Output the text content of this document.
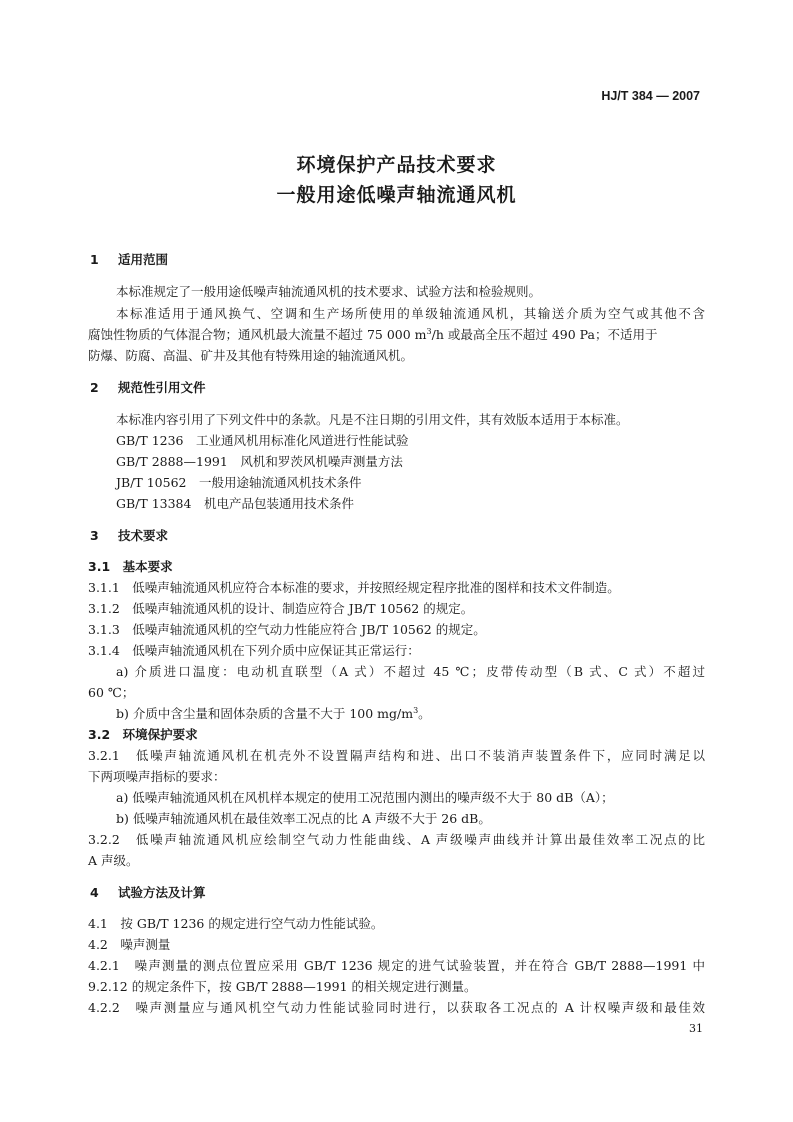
HJ/T 384 — 2007
环境保护产品技术要求
一般用途低噪声轴流通风机
1 适用范围
本标准规定了一般用途低噪声轴流通风机的技术要求、试验方法和检验规则。
本标准适用于通风换气、空调和生产场所使用的单级轴流通风机，其输送介质为空气或其他不含
腐蚀性物质的气体混合物；通风机最大流量不超过 75 000 $m^3/h$ 或最高全压不超过 490 Pa；不适用于
防爆、防腐、高温、矿井及其他有特殊用途的轴流通风机。
2 规范性引用文件
本标准内容引用了下列文件中的条款。凡是不注日期的引用文件，其有效版本适用于本标准。
GB/T 1236　工业通风机用标准化风道进行性能试验
GB/T 2888—1991　风机和罗茨风机噪声测量方法
JB/T 10562　一般用途轴流通风机技术条件
GB/T 13384　机电产品包装通用技术条件
3 技术要求
3.1　基本要求
3.1.1　低噪声轴流通风机应符合本标准的要求，并按照经规定程序批准的图样和技术文件制造。
3.1.2　低噪声轴流通风机的设计、制造应符合 JB/T 10562 的规定。
3.1.3　低噪声轴流通风机的空气动力性能应符合 JB/T 10562 的规定。
3.1.4　低噪声轴流通风机在下列介质中应保证其正常运行：
a) 介质进口温度：电动机直联型（A 式）不超过 45 ℃；皮带传动型（B 式、C 式）不超过
60 ℃；
b) 介质中含尘量和固体杂质的含量不大于 100 $mg/m^3$。
3.2　环境保护要求
3.2.1　低噪声轴流通风机在机壳外不设置隔声结构和进、出口不装消声装置条件下，应同时满足以
下两项噪声指标的要求：
a) 低噪声轴流通风机在风机样本规定的使用工况范围内测出的噪声级不大于 80 dB（A）；
b) 低噪声轴流通风机在最佳效率工况点的比 A 声级不大于 26 dB。
3.2.2　低噪声轴流通风机应绘制空气动力性能曲线、A 声级噪声曲线并计算出最佳效率工况点的比
A 声级。
4 试验方法及计算
4.1　按 GB/T 1236 的规定进行空气动力性能试验。
4.2　噪声测量
4.2.1　噪声测量的测点位置应采用 GB/T 1236 规定的进气试验装置，并在符合 GB/T 2888—1991 中
9.2.12 的规定条件下，按 GB/T 2888—1991 的相关规定进行测量。
4.2.2　噪声测量应与通风机空气动力性能试验同时进行，以获取各工况点的 A 计权噪声级和最佳效
31
